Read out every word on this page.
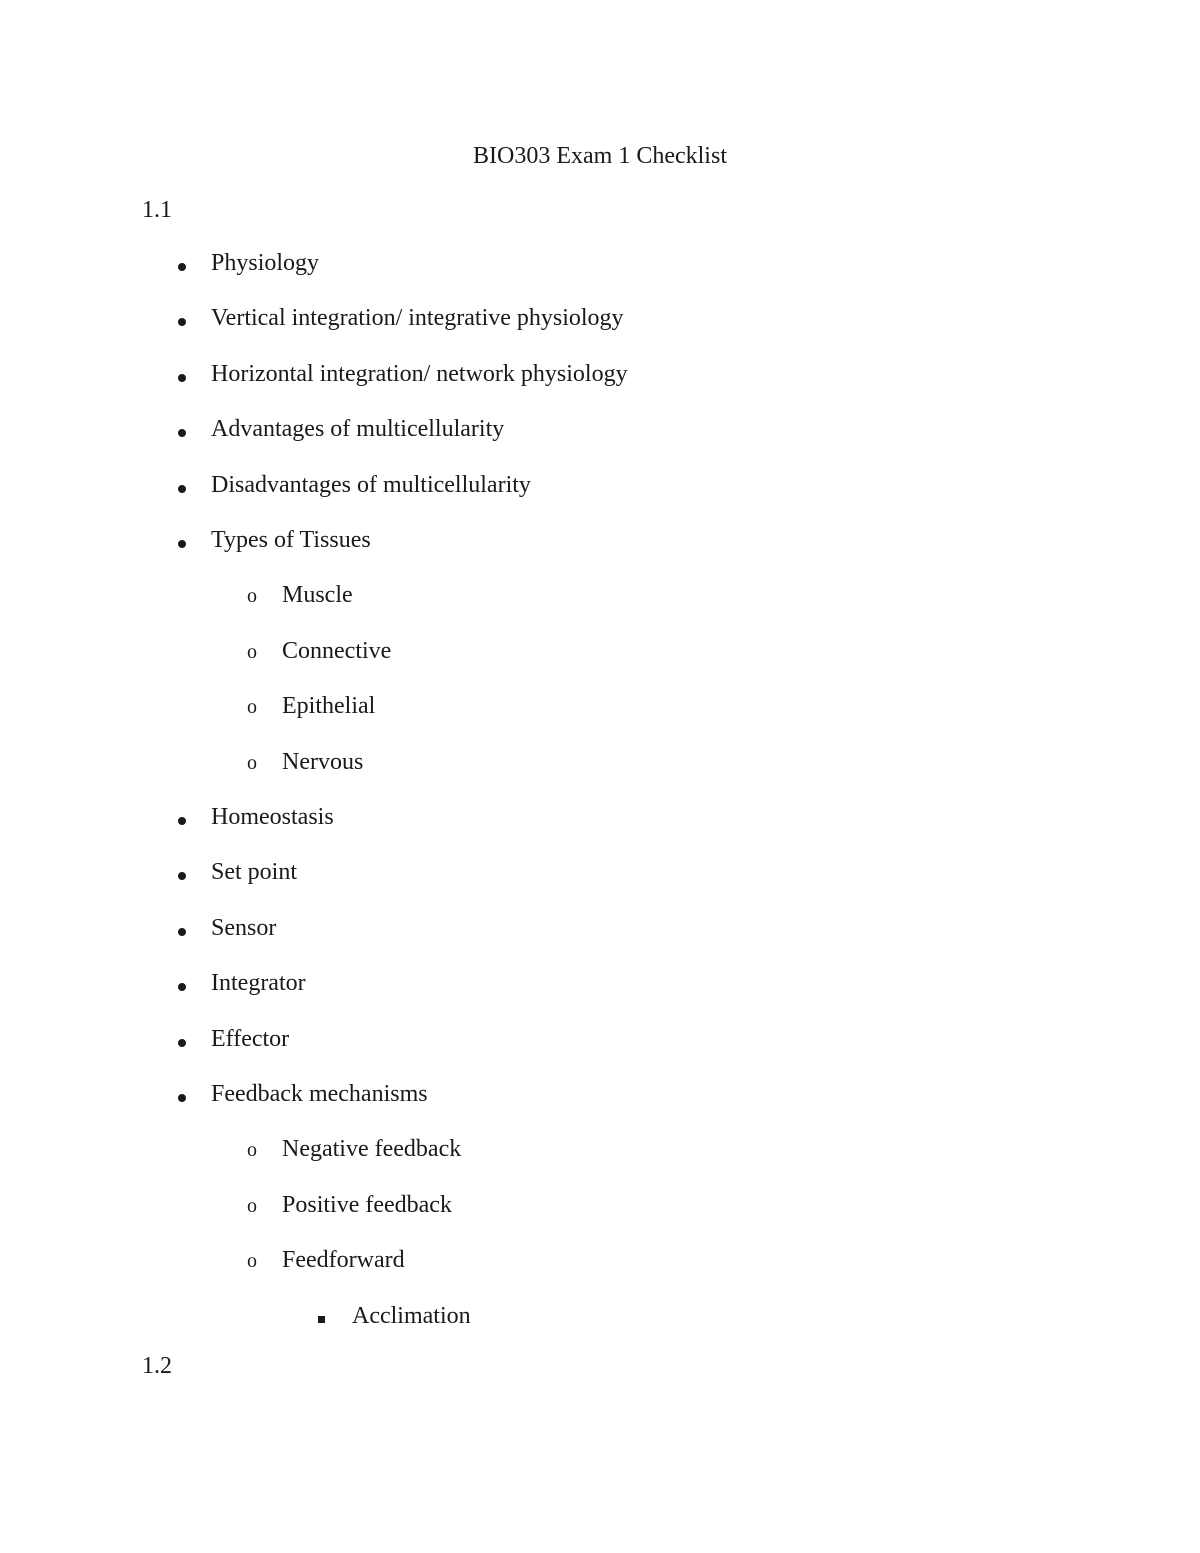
BIO303 Exam 1 Checklist
1.1
Physiology
Vertical integration/ integrative physiology
Horizontal integration/ network physiology
Advantages of multicellularity
Disadvantages of multicellularity
Types of Tissues
o Muscle
o Connective
o Epithelial
o Nervous
Homeostasis
Set point
Sensor
Integrator
Effector
Feedback mechanisms
o Negative feedback
o Positive feedback
o Feedforward
Acclimation
1.2
